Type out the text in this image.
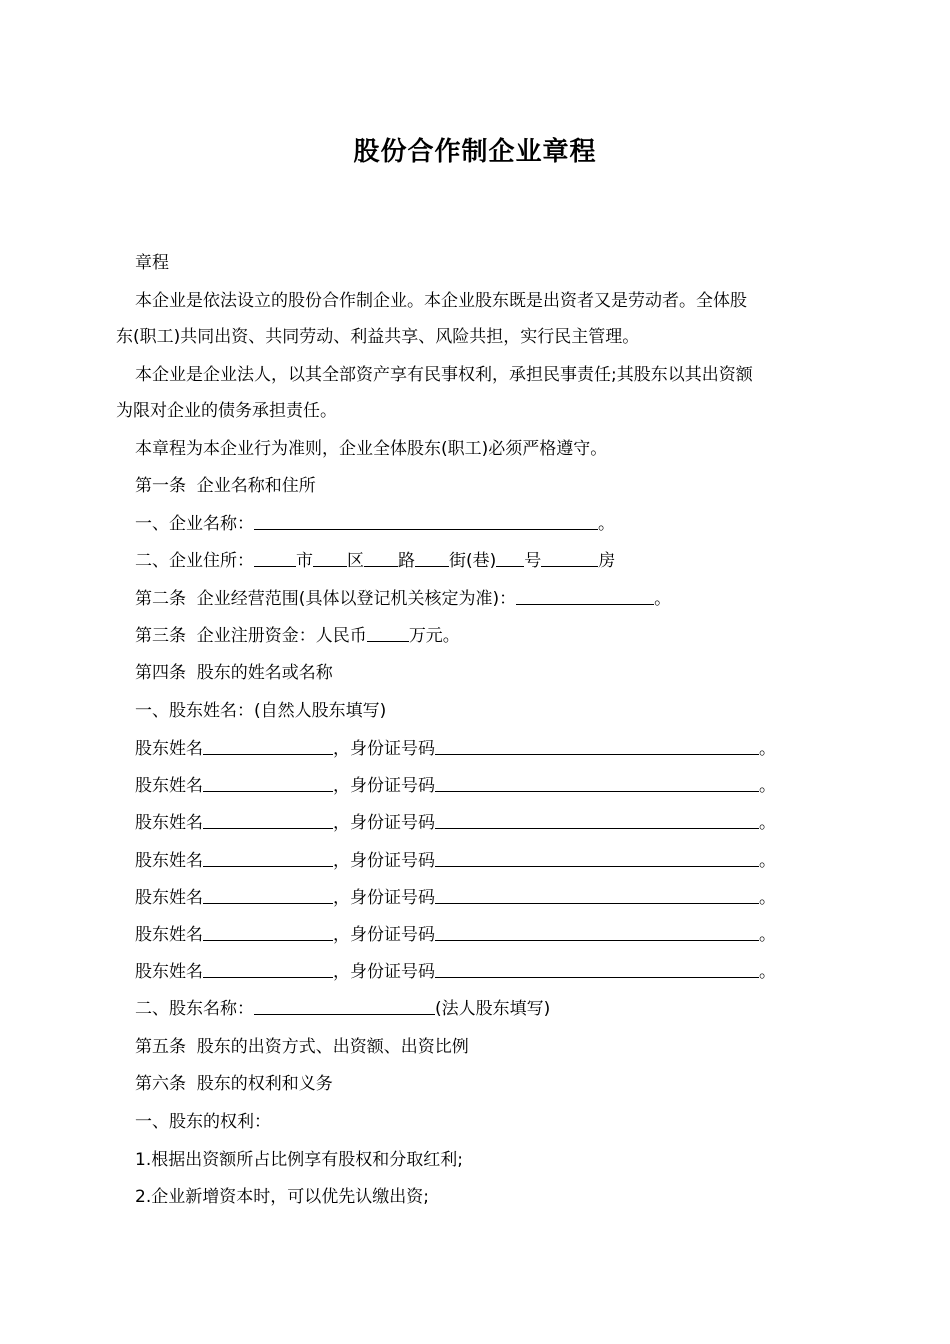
股份合作制企业章程

章程

本企业是依法设立的股份合作制企业。本企业股东既是出资者又是劳动者。全体股

东(职工)共同出资、共同劳动、利益共享、风险共担，实行民主管理。

本企业是企业法人，以其全部资产享有民事权利，承担民事责任;其股东以其出资额

为限对企业的债务承担责任。

本章程为本企业行为准则，企业全体股东(职工)必须严格遵守。

第一条  企业名称和住所

一、企业名称：	。

二、企业住所： 市 区 路 街(巷) 号	房

第二条  企业经营范围(具体以登记机关核定为准)：	。

第三条  企业注册资金：人民币 万元。

第四条  股东的姓名或名称

一、股东姓名：(自然人股东填写)

股东姓名	，身份证号码	。

股东姓名	，身份证号码	。

股东姓名	，身份证号码	。

股东姓名	，身份证号码	。

股东姓名	，身份证号码	。

股东姓名	，身份证号码	。

股东姓名	，身份证号码	。

二、股东名称：	(法人股东填写)

第五条  股东的出资方式、出资额、出资比例

第六条  股东的权利和义务

一、股东的权利：

1.根据出资额所占比例享有股权和分取红利;

2.企业新增资本时，可以优先认缴出资;
